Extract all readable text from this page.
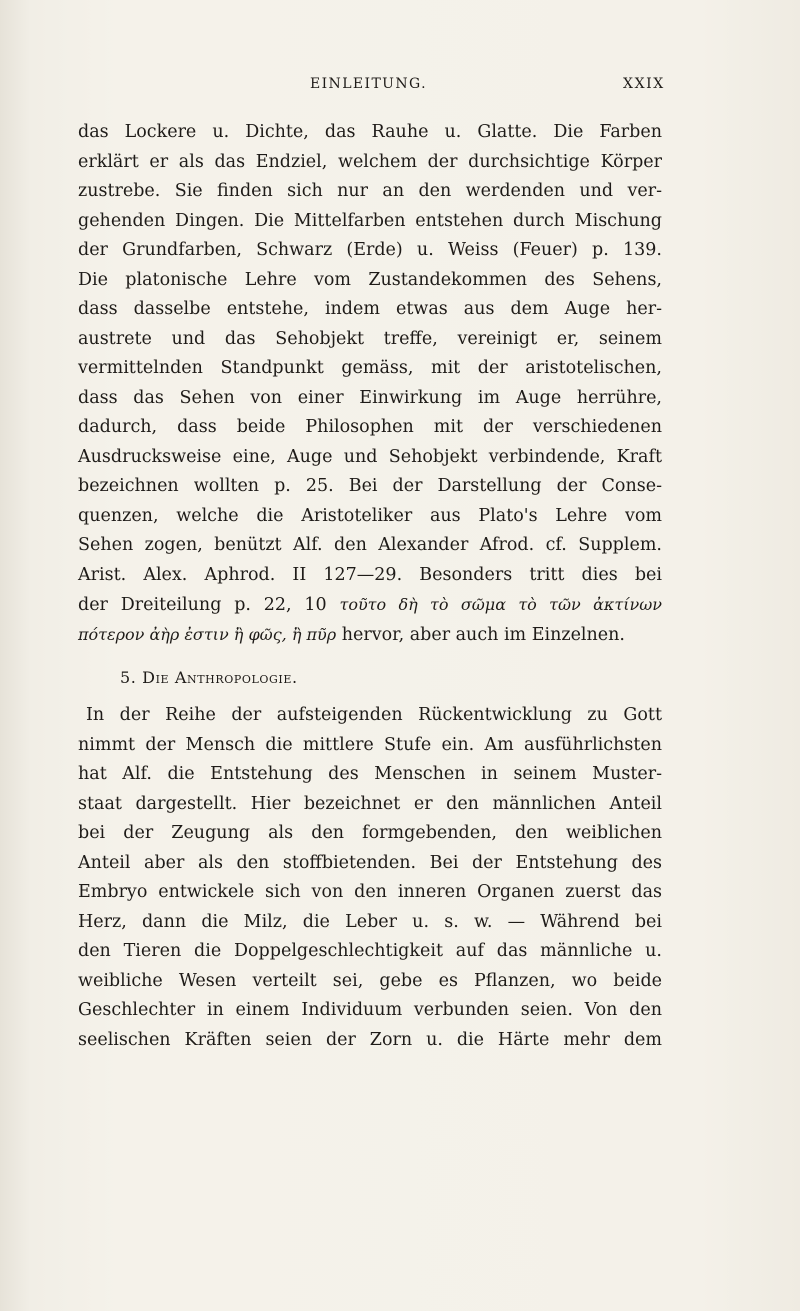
EINLEITUNG.	XXIX
das Lockere u. Dichte, das Rauhe u. Glatte. Die Farben
erklärt er als das Endziel, welchem der durchsichtige Körper
zustrebe. Sie finden sich nur an den werdenden und ver-
gehenden Dingen. Die Mittelfarben entstehen durch Mischung
der Grundfarben, Schwarz (Erde) u. Weiss (Feuer) p. 139.
Die platonische Lehre vom Zustandekommen des Sehens,
dass dasselbe entstehe, indem etwas aus dem Auge her-
austrete und das Sehobjekt treffe, vereinigt er, seinem
vermittelnden Standpunkt gemäss, mit der aristotelischen,
dass das Sehen von einer Einwirkung im Auge herrühre,
dadurch, dass beide Philosophen mit der verschiedenen
Ausdrucksweise eine, Auge und Sehobjekt verbindende, Kraft
bezeichnen wollten p. 25. Bei der Darstellung der Conse-
quenzen, welche die Aristoteliker aus Plato's Lehre vom
Sehen zogen, benützt Alf. den Alexander Afrod. cf. Supplem.
Arist. Alex. Aphrod. II 127—29. Besonders tritt dies bei
der Dreiteilung p. 22, 10 τοῦτο δὴ τὸ σῶμα τὸ τῶν ἀκτίνων
πότερον ἀὴρ ἐστιν ἢ φῶς, ἢ πῦρ hervor, aber auch im Einzelnen.
5. Die Anthropologie.
In der Reihe der aufsteigenden Rückentwicklung zu Gott
nimmt der Mensch die mittlere Stufe ein. Am ausführlichsten
hat Alf. die Entstehung des Menschen in seinem Muster-
staat dargestellt. Hier bezeichnet er den männlichen Anteil
bei der Zeugung als den formgebenden, den weiblichen
Anteil aber als den stoffbietenden. Bei der Entstehung des
Embryo entwickele sich von den inneren Organen zuerst das
Herz, dann die Milz, die Leber u. s. w. — Während bei
den Tieren die Doppelgeschlechtigkeit auf das männliche u.
weibliche Wesen verteilt sei, gebe es Pflanzen, wo beide
Geschlechter in einem Individuum verbunden seien. Von den
seelischen Kräften seien der Zorn u. die Härte mehr dem
